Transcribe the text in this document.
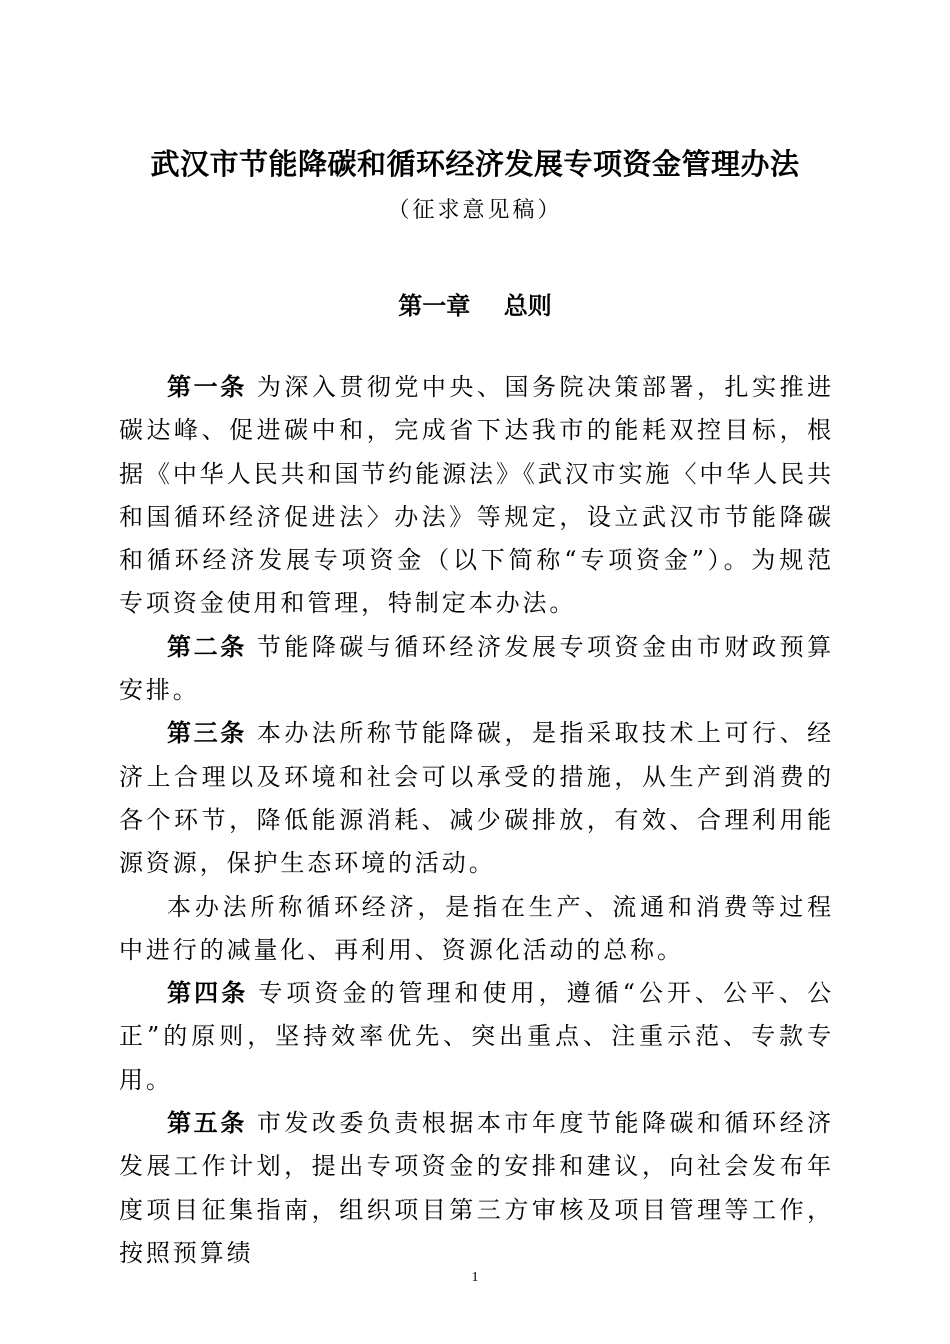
武汉市节能降碳和循环经济发展专项资金管理办法
（征求意见稿）
第一章    总则

第一条 为深入贯彻党中央、国务院决策部署，扎实推进碳达峰、促进碳中和，完成省下达我市的能耗双控目标，根据《中华人民共和国节约能源法》《武汉市实施〈中华人民共和国循环经济促进法〉办法》等规定，设立武汉市节能降碳和循环经济发展专项资金（以下简称“专项资金”）。为规范专项资金使用和管理，特制定本办法。

第二条 节能降碳与循环经济发展专项资金由市财政预算安排。

第三条 本办法所称节能降碳，是指采取技术上可行、经济上合理以及环境和社会可以承受的措施，从生产到消费的各个环节，降低能源消耗、减少碳排放，有效、合理利用能源资源，保护生态环境的活动。

本办法所称循环经济，是指在生产、流通和消费等过程中进行的减量化、再利用、资源化活动的总称。

第四条 专项资金的管理和使用，遵循“公开、公平、公正”的原则，坚持效率优先、突出重点、注重示范、专款专用。

第五条 市发改委负责根据本市年度节能降碳和循环经济发展工作计划，提出专项资金的安排和建议，向社会发布年度项目征集指南，组织项目第三方审核及项目管理等工作，按照预算绩

1
